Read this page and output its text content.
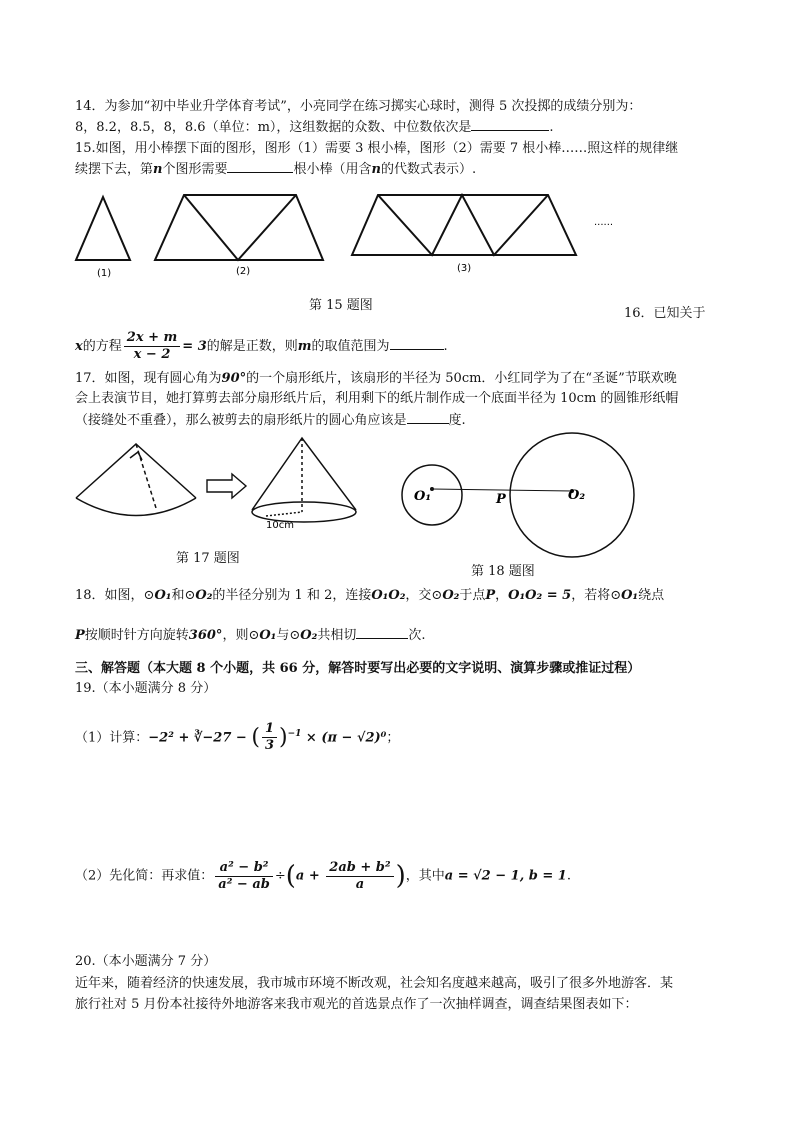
14．为参加“初中毕业升学体育考试”，小亮同学在练习掷实心球时，测得 5 次投掷的成绩分别为：
8，8.2，8.5，8，8.6（单位：m），这组数据的众数、中位数依次是	.
15.如图，用小棒摆下面的图形，图形（1）需要 3 根小棒，图形（2）需要 7 根小棒……照这样的规律继
续摆下去，第n个图形需要	根小棒（用含n的代数式表示）.
(1)	(2)	(3)
......
第 15 题图
16．已知关于
x的方程 $\frac{2x + m}{x - 2} = 3$的解是正数，则m的取值范围为	.
17．如图，现有圆心角为90°的一个扇形纸片，该扇形的半径为 50cm．小红同学为了在“圣诞”节联欢晚
会上表演节目，她打算剪去部分扇形纸片后，利用剩下的纸片制作成一个底面半径为 10cm 的圆锥形纸帽
（接缝处不重叠），那么被剪去的扇形纸片的圆心角应该是	度.
10cm
第 17 题图
O₁	P	O₂
第 18 题图
18．如图，⊙O₁和⊙O₂的半径分别为 1 和 2，连接O₁O₂，交⊙O₂于点P，O₁O₂ = 5，若将⊙O₁绕点
P按顺时针方向旋转360°，则⊙O₁与⊙O₂共相切	次.
三、解答题（本大题 8 个小题，共 66 分，解答时要写出必要的文字说明、演算步骤或推证过程）
19.（本小题满分 8 分）
（1）计算：−2² + ∛−27 − ( $\frac{1}{3} )^{-1} \times (\pi - √2)^0$；
（2）先化简：再求值： $\frac{\text{a² − b²}}{\text{a² − ab}} \div(a + \frac{\text{2ab + b²}}{a}$ )，其中a = √2 − 1, b = 1.
20.（本小题满分 7 分）
近年来，随着经济的快速发展，我市城市环境不断改观，社会知名度越来越高，吸引了很多外地游客．某
旅行社对 5 月份本社接待外地游客来我市观光的首选景点作了一次抽样调查，调查结果图表如下：
